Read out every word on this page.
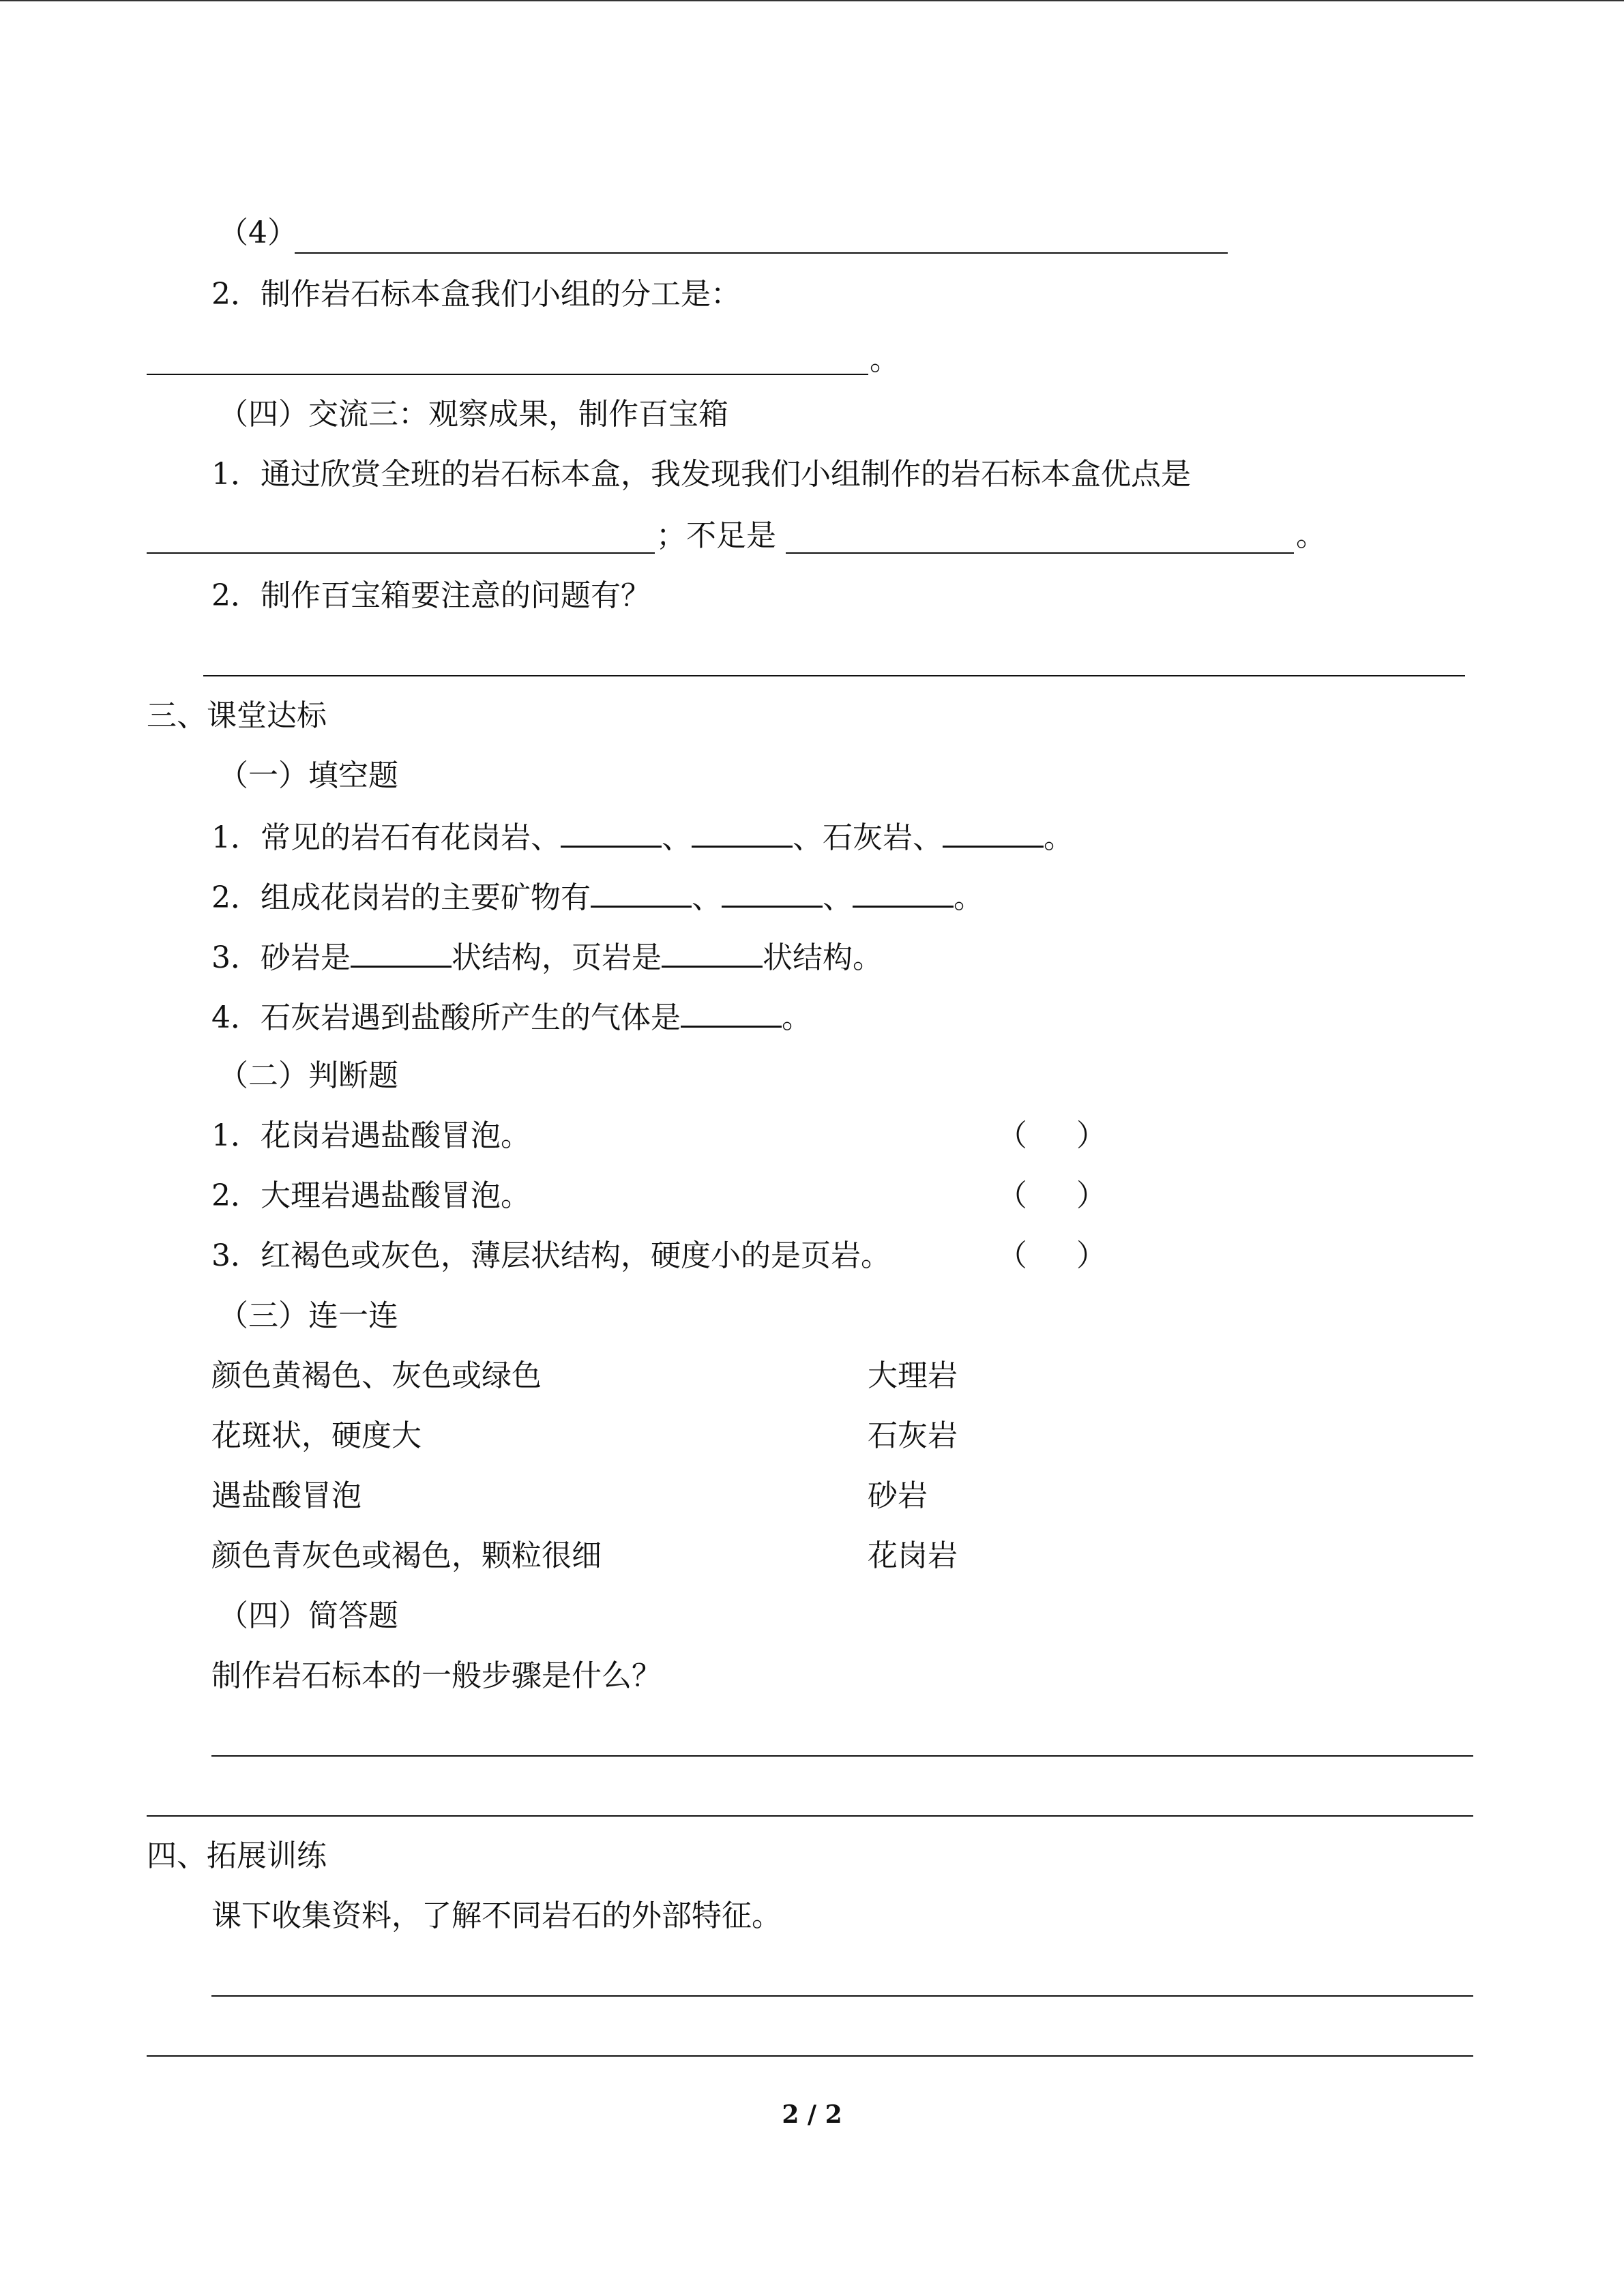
（4）
2．制作岩石标本盒我们小组的分工是：
。
（四）交流三：观察成果，制作百宝箱
1．通过欣赏全班的岩石标本盒，我发现我们小组制作的岩石标本盒优点是
；不足是	。
2．制作百宝箱要注意的问题有？
三、课堂达标
（一）填空题
1．常见的岩石有花岗岩、	、	、石灰岩、	。
2．组成花岗岩的主要矿物有	、	、	。
3．砂岩是	状结构，页岩是	状结构。
4．石灰岩遇到盐酸所产生的气体是	。
（二）判断题
1．花岗岩遇盐酸冒泡。	（ ）
2．大理岩遇盐酸冒泡。	（ ）
3．红褐色或灰色，薄层状结构，硬度小的是页岩。	（ ）
（三）连一连
颜色黄褐色、灰色或绿色	大理岩
花斑状，硬度大	石灰岩
遇盐酸冒泡	砂岩
颜色青灰色或褐色，颗粒很细	花岗岩
（四）简答题
制作岩石标本的一般步骤是什么？
四、拓展训练
课下收集资料，了解不同岩石的外部特征。
2 / 2
